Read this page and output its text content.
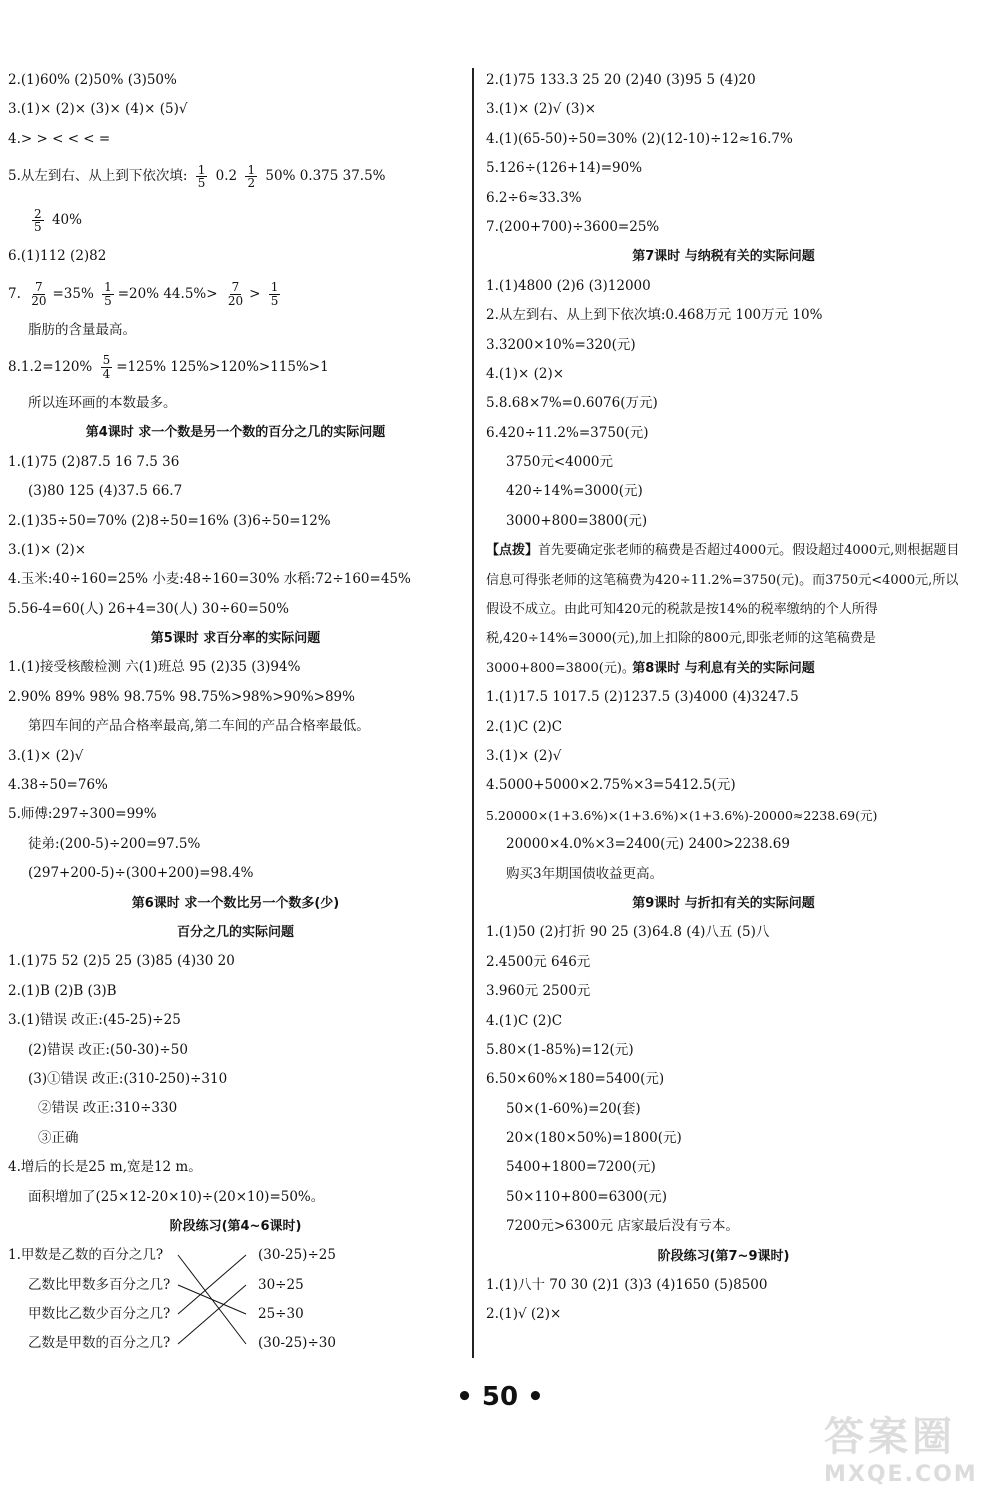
2.(1)60% (2)50% (3)50%
3.(1)× (2)× (3)× (4)× (5)√
4.> > < < < =
5.从左到右、从上到下依次填: $\frac{1}{5} 0.2 \frac{1}{2} 50\%$ 0.375 37.5%
$\frac{2}{5} 40\%$
6.(1)112 (2)82
7. $\frac{7}{20} =35\% \frac{1}{5} =20\%$ $44.5\%> \frac{7}{20} > \frac{1}{5}$
脂肪的含量最高。
$8.1.2=120\% \frac{5}{4} =125\%$ 125%>120%>115%>1
所以连环画的本数最多。
第4课时 求一个数是另一个数的百分之几的实际问题
1.(1)75 (2)87.5 16 7.5 36
(3)80 125 (4)37.5 66.7
2.(1)35÷50=70% (2)8÷50=16% (3)6÷50=12%
3.(1)× (2)×
4.玉米:40÷160=25% 小麦:48÷160=30% 水稻:72÷160=45%
5.56-4=60(人) 26+4=30(人) 30÷60=50%
第5课时 求百分率的实际问题
1.(1)接受核酸检测 六(1)班总 95 (2)35 (3)94%
2.90% 89% 98% 98.75% 98.75%>98%>90%>89%
第四车间的产品合格率最高,第二车间的产品合格率最低。
3.(1)× (2)√
4.38÷50=76%
5.师傅:297÷300=99%
徒弟:(200-5)÷200=97.5%
(297+200-5)÷(300+200)=98.4%
第6课时 求一个数比另一个数多(少)
百分之几的实际问题
1.(1)75 52 (2)5 25 (3)85 (4)30 20
2.(1)B (2)B (3)B
3.(1)错误 改正:(45-25)÷25
(2)错误 改正:(50-30)÷50
(3)①错误 改正:(310-250)÷310
②错误 改正:310÷330
③正确
4.增后的长是25 m,宽是12 m。
面积增加了(25×12-20×10)÷(20×10)=50%。
阶段练习(第4~6课时)
1.甲数是乙数的百分之几?
乙数比甲数多百分之几?
甲数比乙数少百分之几?
乙数是甲数的百分之几?
(30-25)÷25
30÷25
25÷30
(30-25)÷30
2.(1)75 133.3 25 20 (2)40 (3)95 5 (4)20
3.(1)× (2)√ (3)×
4.(1)(65-50)÷50=30% (2)(12-10)÷12≈16.7%
5.126÷(126+14)=90%
6.2÷6≈33.3%
7.(200+700)÷3600=25%
第7课时 与纳税有关的实际问题
1.(1)4800 (2)6 (3)12000
2.从左到右、从上到下依次填:0.468万元 100万元 10%
3.3200×10%=320(元)
4.(1)× (2)×
5.8.68×7%=0.6076(万元)
6.420÷11.2%=3750(元)
3750元<4000元
420÷14%=3000(元)
3000+800=3800(元)
【点拨】首先要确定张老师的稿费是否超过4000元。假设超过4000元,则根据题目信息可得张老师的这笔稿费为420÷11.2%=3750(元)。而3750元<4000元,所以假设不成立。由此可知420元的税款是按14%的税率缴纳的个人所得税,420÷14%=3000(元),加上扣除的800元,即张老师的这笔稿费是3000+800=3800(元)。
第8课时 与利息有关的实际问题
1.(1)17.5 1017.5 (2)1237.5 (3)4000 (4)3247.5
2.(1)C (2)C
3.(1)× (2)√
4.5000+5000×2.75%×3=5412.5(元)
5.20000×(1+3.6%)×(1+3.6%)×(1+3.6%)-20000≈2238.69(元)
20000×4.0%×3=2400(元) 2400>2238.69
购买3年期国债收益更高。
第9课时 与折扣有关的实际问题
1.(1)50 (2)打折 90 25 (3)64.8 (4)八五 (5)八
2.4500元 646元
3.960元 2500元
4.(1)C (2)C
5.80×(1-85%)=12(元)
6.50×60%×180=5400(元)
50×(1-60%)=20(套)
20×(180×50%)=1800(元)
5400+1800=7200(元)
50×110+800=6300(元)
7200元>6300元 店家最后没有亏本。
阶段练习(第7~9课时)
1.(1)八十 70 30 (2)1 (3)3 (4)1650 (5)8500
2.(1)√ (2)×
• 50 •
答案圈
MXQE.COM
